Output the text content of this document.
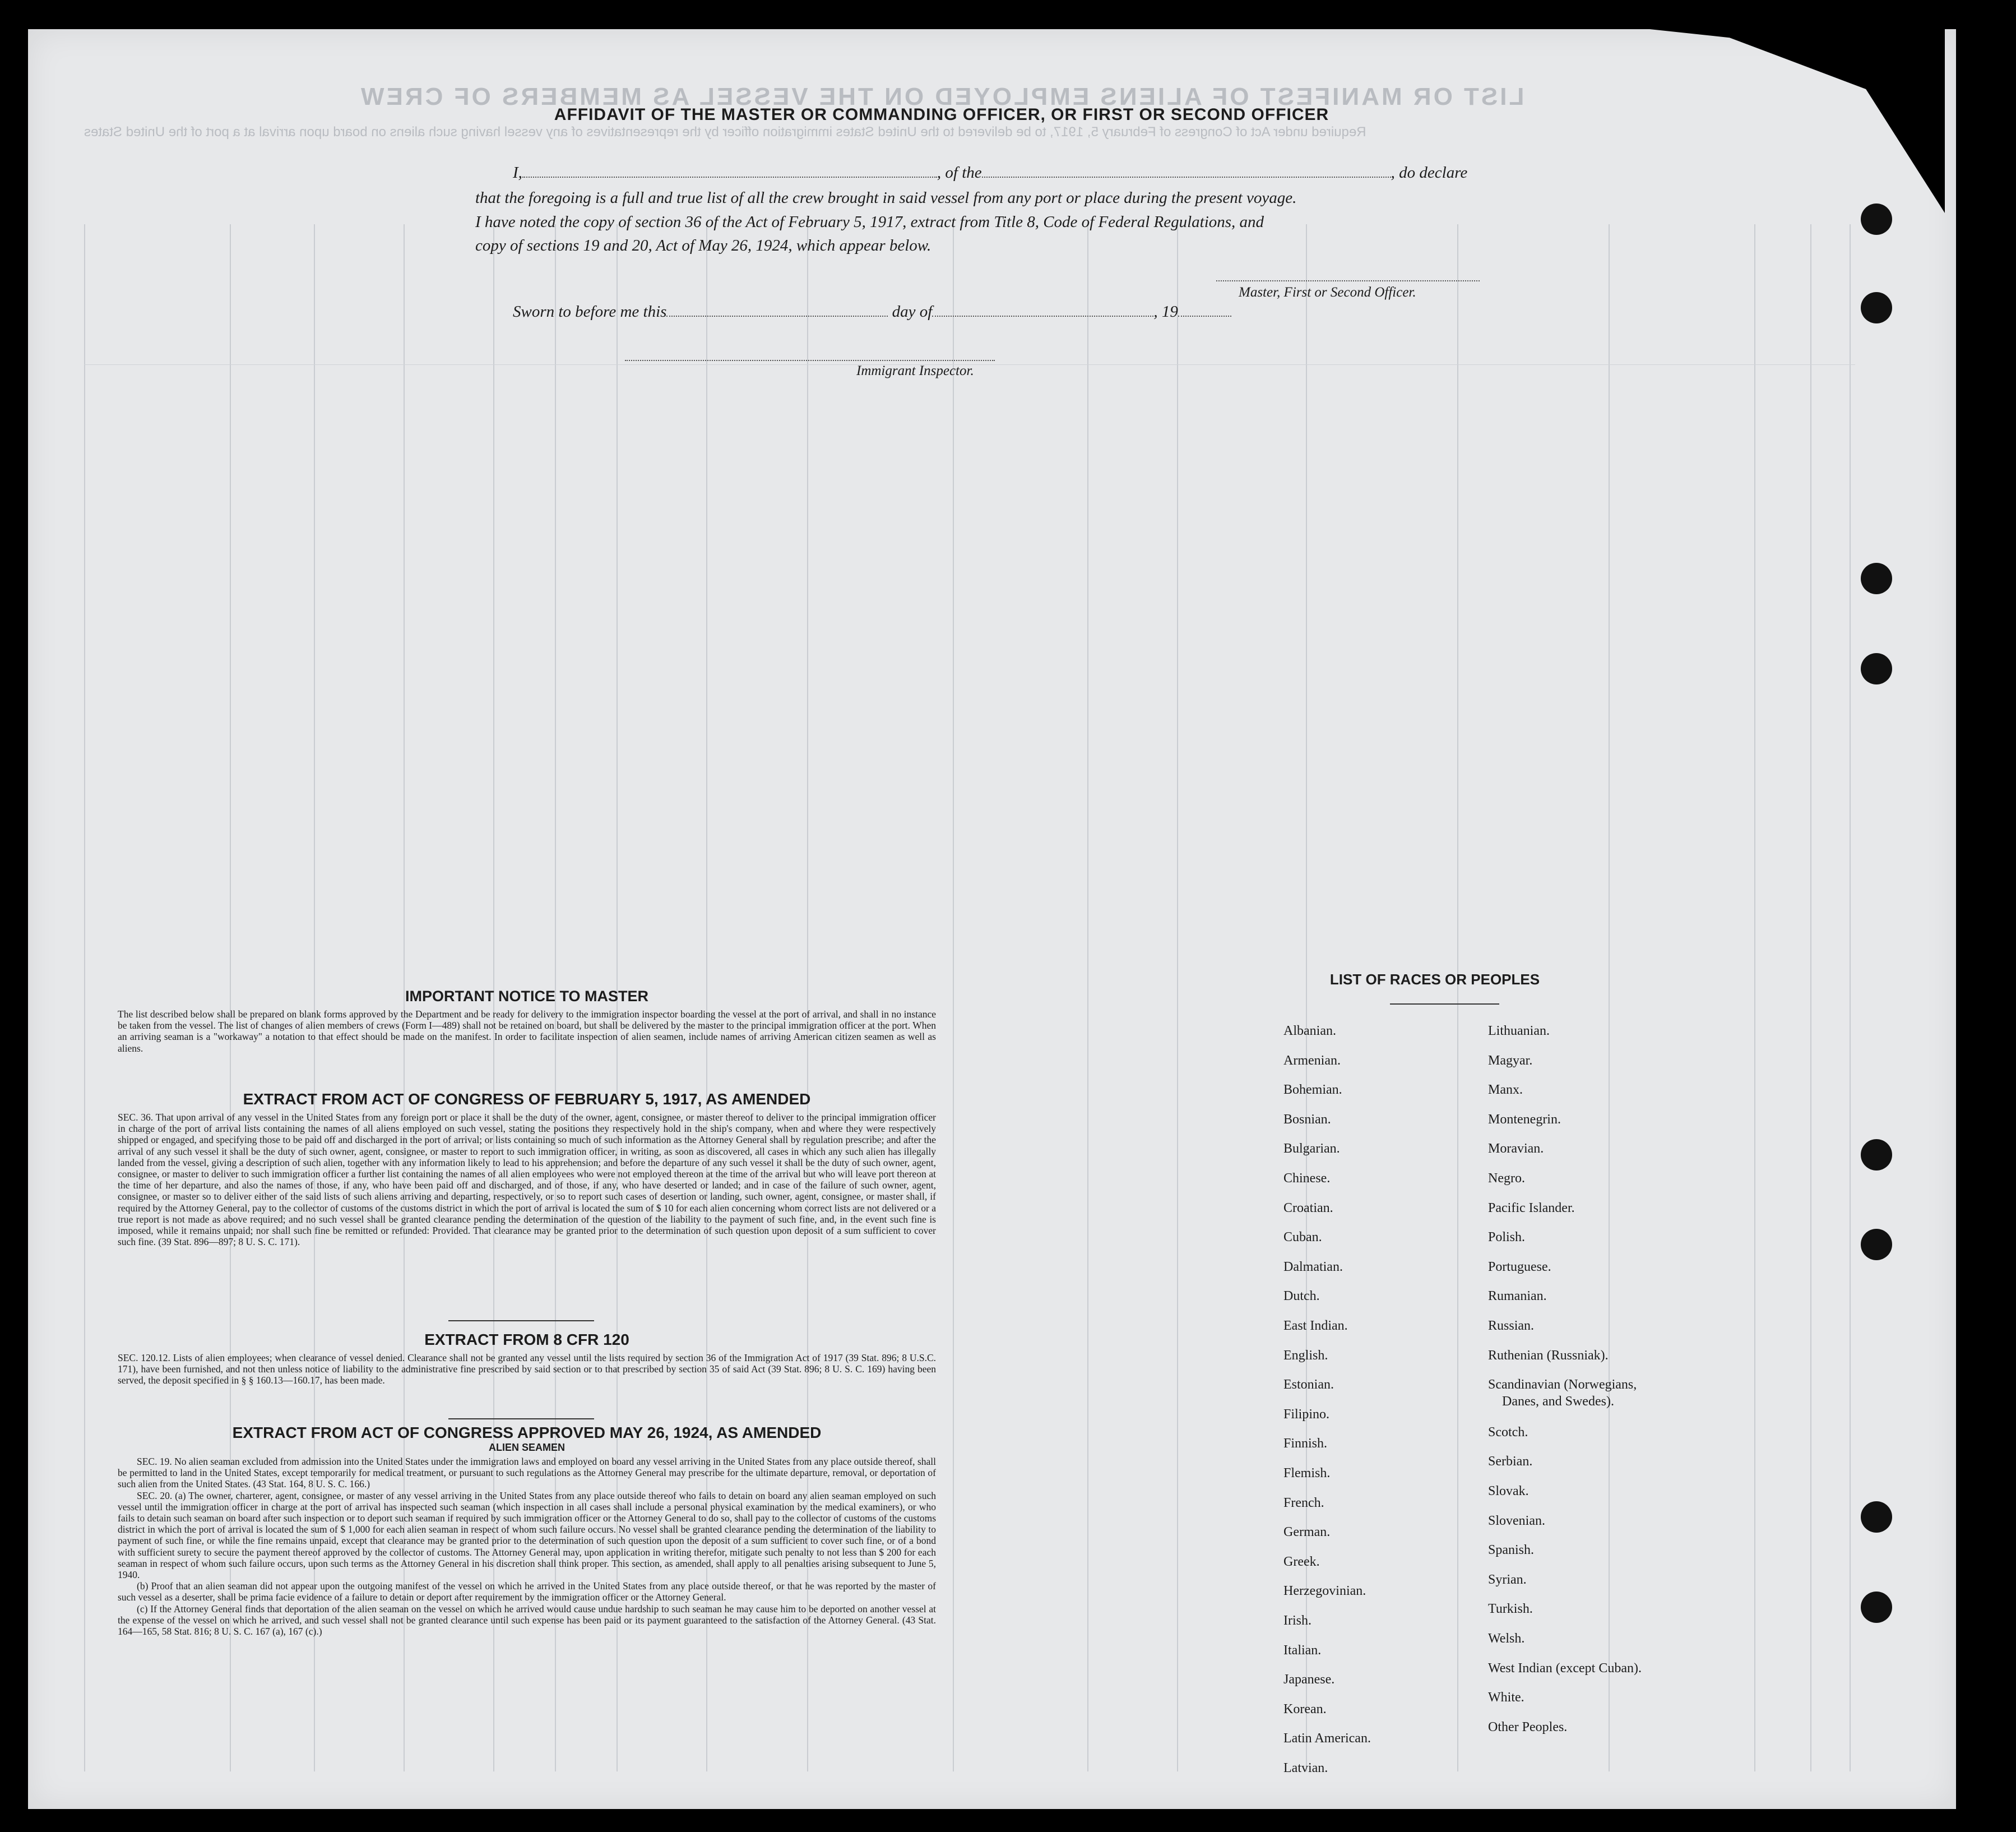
LIST OR MANIFEST OF ALIENS EMPLOYED ON THE VESSEL AS MEMBERS OF CREW
Required under Act of Congress of February 5, 1917, to be delivered to the United States immigration officer by the representatives of any vessel having such aliens on board upon arrival at a port of the United States
AFFIDAVIT OF THE MASTER OR COMMANDING OFFICER, OR FIRST OR SECOND OFFICER
I,	, of the	, do declare
that the foregoing is a full and true list of all the crew brought in said vessel from any port or place during the present voyage.
I have noted the copy of section 36 of the Act of February 5, 1917, extract from Title 8, Code of Federal Regulations, and
copy of sections 19 and 20, Act of May 26, 1924, which appear below.
Master, First or Second Officer.
Sworn to before me this	day of	, 19
Immigrant Inspector.
IMPORTANT NOTICE TO MASTER
The list described below shall be prepared on blank forms approved by the Department and be ready for delivery to the immigration inspector boarding the vessel at the port of arrival, and shall in no instance be taken from the vessel. The list of changes of alien members of crews (Form I—489) shall not be retained on board, but shall be delivered by the master to the principal immigration officer at the port. When an arriving seaman is a "workaway" a notation to that effect should be made on the manifest. In order to facilitate inspection of alien seamen, include names of arriving American citizen seamen as well as aliens.
EXTRACT FROM ACT OF CONGRESS OF FEBRUARY 5, 1917, AS AMENDED
SEC. 36. That upon arrival of any vessel in the United States from any foreign port or place it shall be the duty of the owner, agent, consignee, or master thereof to deliver to the principal immigration officer in charge of the port of arrival lists containing the names of all aliens employed on such vessel, stating the positions they respectively hold in the ship's company, when and where they were respectively shipped or engaged, and specifying those to be paid off and discharged in the port of arrival; or lists containing so much of such information as the Attorney General shall by regulation prescribe; and after the arrival of any such vessel it shall be the duty of such owner, agent, consignee, or master to report to such immigration officer, in writing, as soon as discovered, all cases in which any such alien has illegally landed from the vessel, giving a description of such alien, together with any information likely to lead to his apprehension; and before the departure of any such vessel it shall be the duty of such owner, agent, consignee, or master to deliver to such immigration officer a further list containing the names of all alien employees who were not employed thereon at the time of the arrival but who will leave port thereon at the time of her departure, and also the names of those, if any, who have been paid off and discharged, and of those, if any, who have deserted or landed; and in case of the failure of such owner, agent, consignee, or master so to deliver either of the said lists of such aliens arriving and departing, respectively, or so to report such cases of desertion or landing, such owner, agent, consignee, or master shall, if required by the Attorney General, pay to the collector of customs of the customs district in which the port of arrival is located the sum of $ 10 for each alien concerning whom correct lists are not delivered or a true report is not made as above required; and no such vessel shall be granted clearance pending the determination of the question of the liability to the payment of such fine, and, in the event such fine is imposed, while it remains unpaid; nor shall such fine be remitted or refunded: Provided. That clearance may be granted prior to the determination of such question upon deposit of a sum sufficient to cover such fine. (39 Stat. 896—897; 8 U. S. C. 171).
EXTRACT FROM 8 CFR 120
SEC. 120.12. Lists of alien employees; when clearance of vessel denied. Clearance shall not be granted any vessel until the lists required by section 36 of the Immigration Act of 1917 (39 Stat. 896; 8 U.S.C. 171), have been furnished, and not then unless notice of liability to the administrative fine prescribed by said section or to that prescribed by section 35 of said Act (39 Stat. 896; 8 U. S. C. 169) having been served, the deposit specified in § § 160.13—160.17, has been made.
EXTRACT FROM ACT OF CONGRESS APPROVED MAY 26, 1924, AS AMENDED
ALIEN SEAMEN
SEC. 19. No alien seaman excluded from admission into the United States under the immigration laws and employed on board any vessel arriving in the United States from any place outside thereof, shall be permitted to land in the United States, except temporarily for medical treatment, or pursuant to such regulations as the Attorney General may prescribe for the ultimate departure, removal, or deportation of such alien from the United States. (43 Stat. 164, 8 U. S. C. 166.)
SEC. 20. (a) The owner, charterer, agent, consignee, or master of any vessel arriving in the United States from any place outside thereof who fails to detain on board any alien seaman employed on such vessel until the immigration officer in charge at the port of arrival has inspected such seaman (which inspection in all cases shall include a personal physical examination by the medical examiners), or who fails to detain such seaman on board after such inspection or to deport such seaman if required by such immigration officer or the Attorney General to do so, shall pay to the collector of customs of the customs district in which the port of arrival is located the sum of $ 1,000 for each alien seaman in respect of whom such failure occurs. No vessel shall be granted clearance pending the determination of the liability to payment of such fine, or while the fine remains unpaid, except that clearance may be granted prior to the determination of such question upon the deposit of a sum sufficient to cover such fine, or of a bond with sufficient surety to secure the payment thereof approved by the collector of customs. The Attorney General may, upon application in writing therefor, mitigate such penalty to not less than $ 200 for each seaman in respect of whom such failure occurs, upon such terms as the Attorney General in his discretion shall think proper. This section, as amended, shall apply to all penalties arising subsequent to June 5, 1940.
(b) Proof that an alien seaman did not appear upon the outgoing manifest of the vessel on which he arrived in the United States from any place outside thereof, or that he was reported by the master of such vessel as a deserter, shall be prima facie evidence of a failure to detain or deport after requirement by the immigration officer or the Attorney General.
(c) If the Attorney General finds that deportation of the alien seaman on the vessel on which he arrived would cause undue hardship to such seaman he may cause him to be deported on another vessel at the expense of the vessel on which he arrived, and such vessel shall not be granted clearance until such expense has been paid or its payment guaranteed to the satisfaction of the Attorney General. (43 Stat. 164—165, 58 Stat. 816; 8 U. S. C. 167 (a), 167 (c).)
LIST OF RACES OR PEOPLES
Albanian.
Armenian.
Bohemian.
Bosnian.
Bulgarian.
Chinese.
Croatian.
Cuban.
Dalmatian.
Dutch.
East Indian.
English.
Estonian.
Filipino.
Finnish.
Flemish.
French.
German.
Greek.
Herzegovinian.
Irish.
Italian.
Japanese.
Korean.
Latin American.
Latvian.
Lithuanian.
Magyar.
Manx.
Montenegrin.
Moravian.
Negro.
Pacific Islander.
Polish.
Portuguese.
Rumanian.
Russian.
Ruthenian (Russniak).
Scandinavian (Norwegians,
Danes, and Swedes).
Scotch.
Serbian.
Slovak.
Slovenian.
Spanish.
Syrian.
Turkish.
Welsh.
West Indian (except Cuban).
White.
Other Peoples.
